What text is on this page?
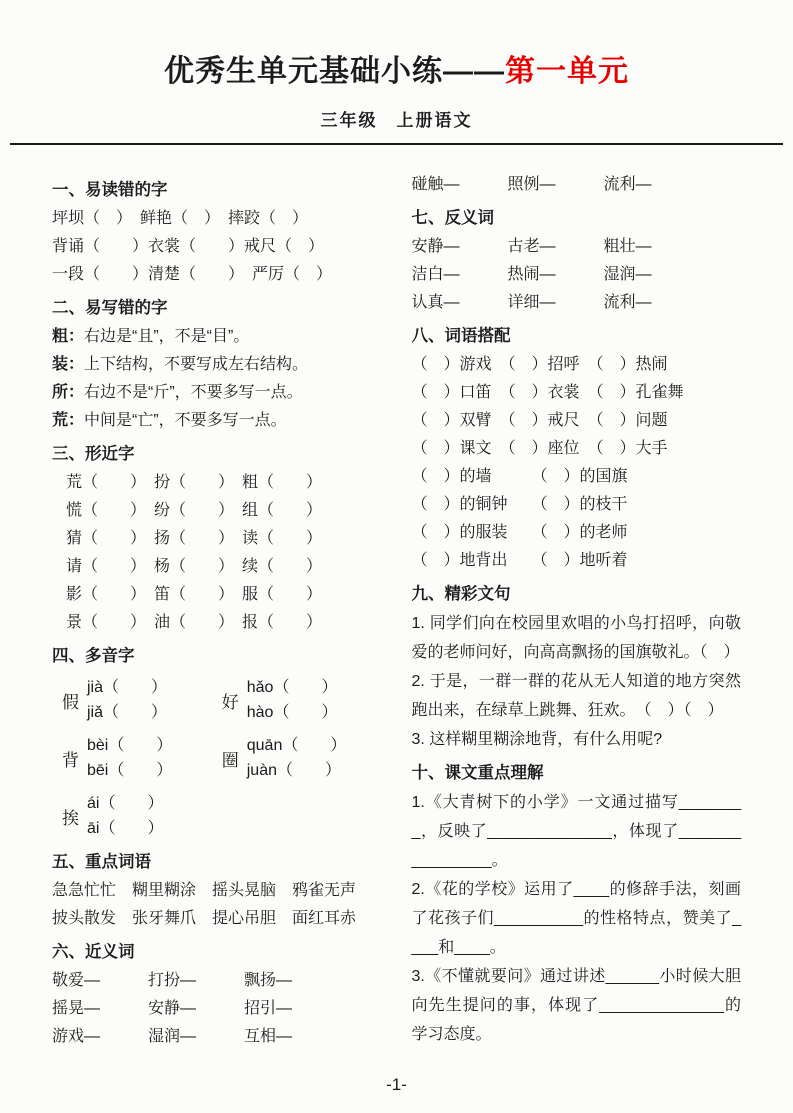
优秀生单元基础小练——第一单元
三年级　上册语文
一、易读错的字
坪坝（　）　鲜艳（　）　摔跤（　）
背诵（　　）衣裳（　　）戒尺（　）
一段（　　）清楚（　　）　严厉（　）
二、易写错的字
粗：右边是“且”，不是“目”。
装：上下结构，不要写成左右结构。
所：右边不是“斤”，不要多写一点。
荒：中间是“亡”，不要多写一点。
三、形近字
荒（　　）　扮（　　）　粗（　　）
慌（　　）　纷（　　）　组（　　）
猜（　　）　扬（　　）　读（　　）
请（　　）　杨（　　）　续（　　）
影（　　）　笛（　　）　服（　　）
景（　　）　油（　　）　报（　　）
四、多音字
假
jià（　　）
jiǎ（　　）
好
hǎo（　　）
hào（　　）
背
bèi（　　）
bēi（　　）
圈
quān（　　）
juàn（　　）
挨
ái（　　）
āi（　　）
五、重点词语
急急忙忙　糊里糊涂　摇头晃脑　鸦雀无声
披头散发　张牙舞爪　提心吊胆　面红耳赤
六、近义词
敬爱—　　　打扮—　　　飘扬—
摇晃—　　　安静—　　　招引—
游戏—　　　湿润—　　　互相—
碰触—　　　照例—　　　流利—
七、反义词
安静—　　　古老—　　　粗壮—
洁白—　　　热闹—　　　湿润—
认真—　　　详细—　　　流利—
八、词语搭配
（　）游戏　（　）招呼　（　）热闹
（　）口笛　（　）衣裳　（　）孔雀舞
（　）双臂　（　）戒尺　（　）问题
（　）课文　（　）座位　（　）大手
（　）的墙　　　（　）的国旗
（　）的铜钟　　（　）的枝干
（　）的服装　　（　）的老师
（　）地背出　　（　）地听着
九、精彩文句
1. 同学们向在校园里欢唱的小鸟打招呼，向敬爱的老师问好，向高高飘扬的国旗敬礼。（　）
2. 于是，一群一群的花从无人知道的地方突然跑出来，在绿草上跳舞、狂欢。　（　）（　）
3. 这样糊里糊涂地背，有什么用呢?
十、课文重点理解
1.《大青树下的小学》一文通过描写________，反映了______________，体现了________________。
2.《花的学校》运用了____的修辞手法，刻画了花孩子们__________的性格特点，赞美了____和____。
3.《不懂就要问》通过讲述______小时候大胆向先生提问的事，体现了______________的学习态度。
-1-
